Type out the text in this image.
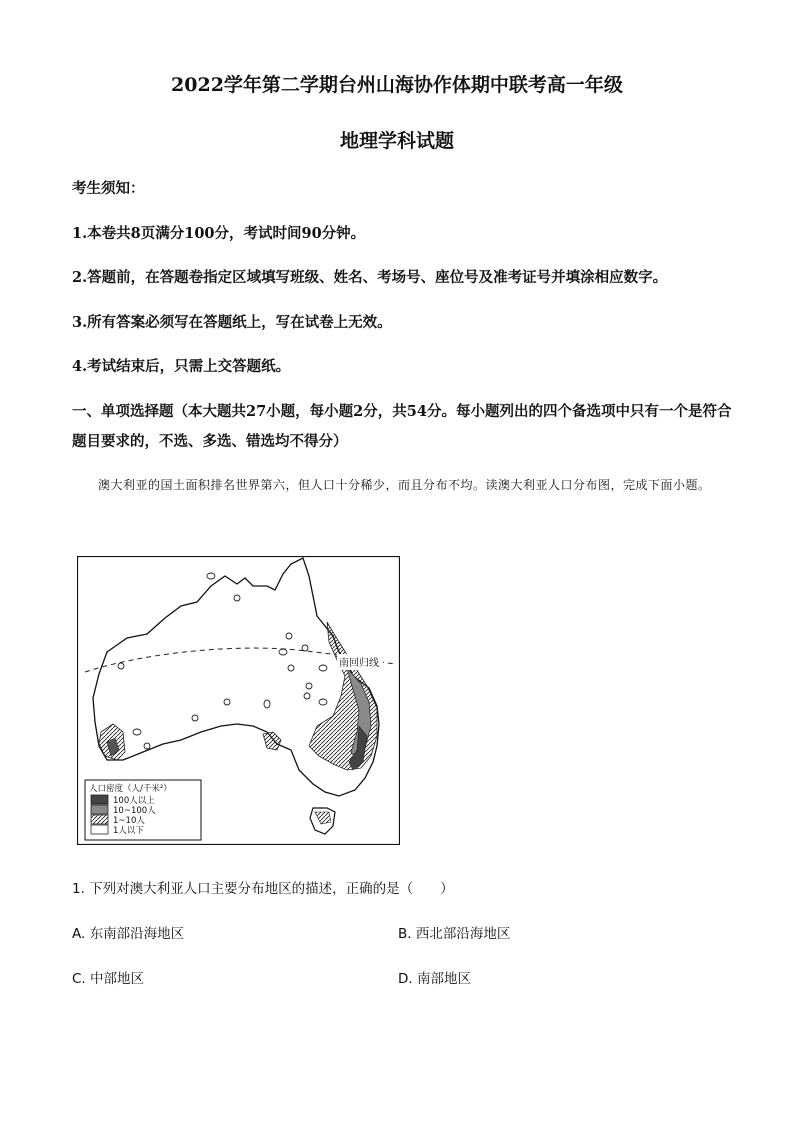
2022学年第二学期台州山海协作体期中联考高一年级
地理学科试题
考生须知：
1.本卷共8页满分100分，考试时间90分钟。
2.答题前，在答题卷指定区域填写班级、姓名、考场号、座位号及准考证号并填涂相应数字。
3.所有答案必须写在答题纸上，写在试卷上无效。
4.考试结束后，只需上交答题纸。
一、单项选择题（本大题共27小题，每小题2分，共54分。每小题列出的四个备选项中只有一个是符合题目要求的，不选、多选、错选均不得分）
澳大利亚的国土面积排名世界第六，但人口十分稀少，而且分布不均。读澳大利亚人口分布图，完成下面小题。
南回归线
人口密度（人/千米²）
100人以上
10~100人
1~10人
1人以下
1. 下列对澳大利亚人口主要分布地区的描述，正确的是（　　）
A. 东南部沿海地区	B. 西北部沿海地区
C. 中部地区	D. 南部地区
